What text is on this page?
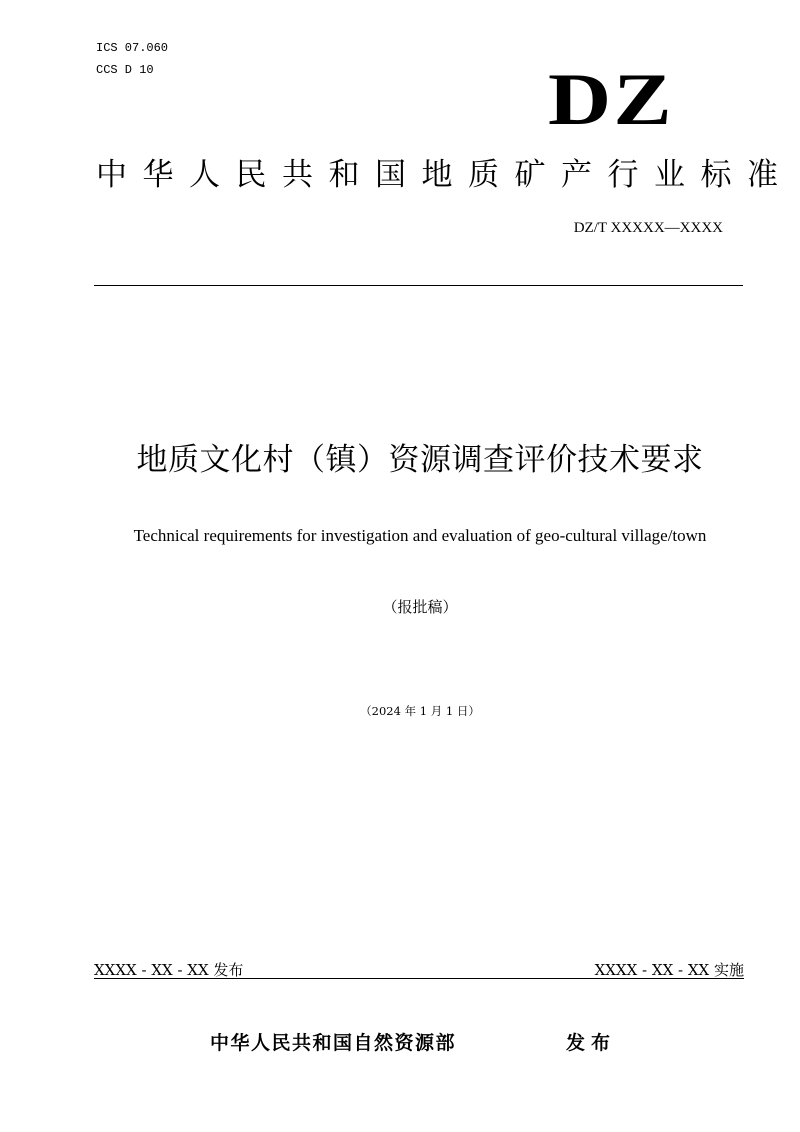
ICS 07.060
CCS D 10	DZ
中华人民共和国地质矿产行业标准
DZ/T XXXXX—XXXX
地质文化村（镇）资源调查评价技术要求
Technical requirements for investigation and evaluation of geo-cultural village/town
（报批稿）
（2024 年 1 月 1 日）
XXXX - XX - XX 发布	XXXX - XX - XX 实施
中华人民共和国自然资源部	发布
